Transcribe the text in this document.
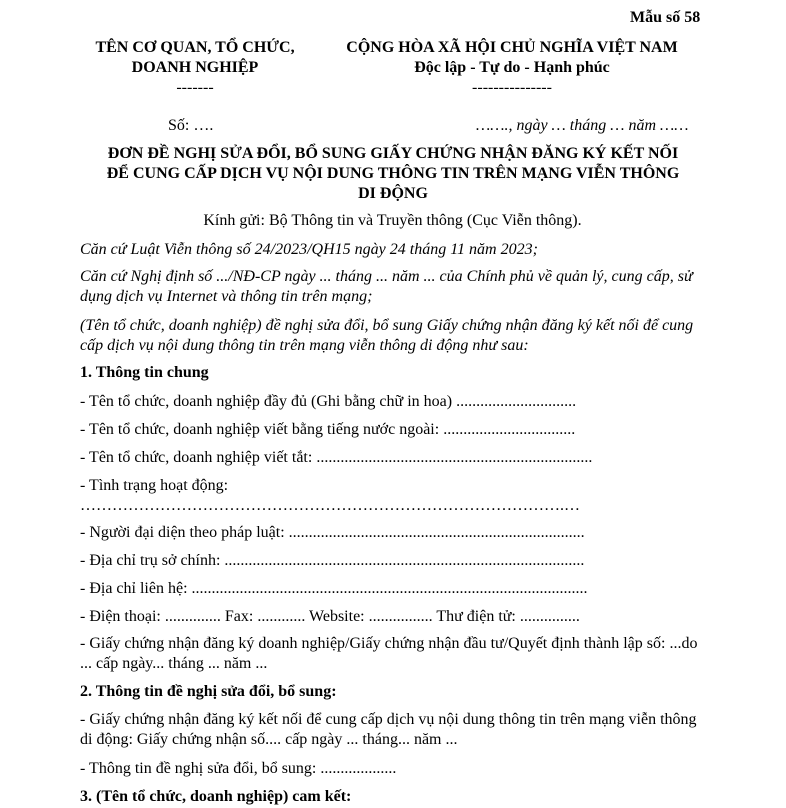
Mẫu số 58
TÊN CƠ QUAN, TỔ CHỨC,
DOANH NGHIỆP
-------
CỘNG HÒA XÃ HỘI CHỦ NGHĨA VIỆT NAM
Độc lập - Tự do - Hạnh phúc
---------------
Số: ….	……., ngày … tháng … năm ……
ĐƠN ĐỀ NGHỊ SỬA ĐỔI, BỔ SUNG GIẤY CHỨNG NHẬN ĐĂNG KÝ KẾT NỐI
ĐỂ CUNG CẤP DỊCH VỤ NỘI DUNG THÔNG TIN TRÊN MẠNG VIỄN THÔNG
DI ĐỘNG
Kính gửi: Bộ Thông tin và Truyền thông (Cục Viễn thông).
Căn cứ Luật Viễn thông số 24/2023/QH15 ngày 24 tháng 11 năm 2023;
Căn cứ Nghị định số .../NĐ-CP ngày ... tháng ... năm ... của Chính phủ về quản lý, cung cấp, sử dụng dịch vụ Internet và thông tin trên mạng;
(Tên tổ chức, doanh nghiệp) đề nghị sửa đổi, bổ sung Giấy chứng nhận đăng ký kết nối để cung cấp dịch vụ nội dung thông tin trên mạng viễn thông di động như sau:
1. Thông tin chung
- Tên tổ chức, doanh nghiệp đầy đủ (Ghi bằng chữ in hoa) ..............................
- Tên tổ chức, doanh nghiệp viết bằng tiếng nước ngoài: .................................
- Tên tổ chức, doanh nghiệp viết tắt: .....................................................................
- Tình trạng hoạt động:
……………………………………………………………………………….…
- Người đại diện theo pháp luật: ..........................................................................
- Địa chỉ trụ sở chính: ..........................................................................................
- Địa chỉ liên hệ: ...................................................................................................
- Điện thoại: .............. Fax: ............ Website: ................ Thư điện tử: ...............
- Giấy chứng nhận đăng ký doanh nghiệp/Giấy chứng nhận đầu tư/Quyết định thành lập số: ...do ... cấp ngày... tháng ... năm ...
2. Thông tin đề nghị sửa đổi, bổ sung:
- Giấy chứng nhận đăng ký kết nối để cung cấp dịch vụ nội dung thông tin trên mạng viễn thông di động: Giấy chứng nhận số.... cấp ngày ... tháng... năm ...
- Thông tin đề nghị sửa đổi, bổ sung: ...................
3. (Tên tổ chức, doanh nghiệp) cam kết:
